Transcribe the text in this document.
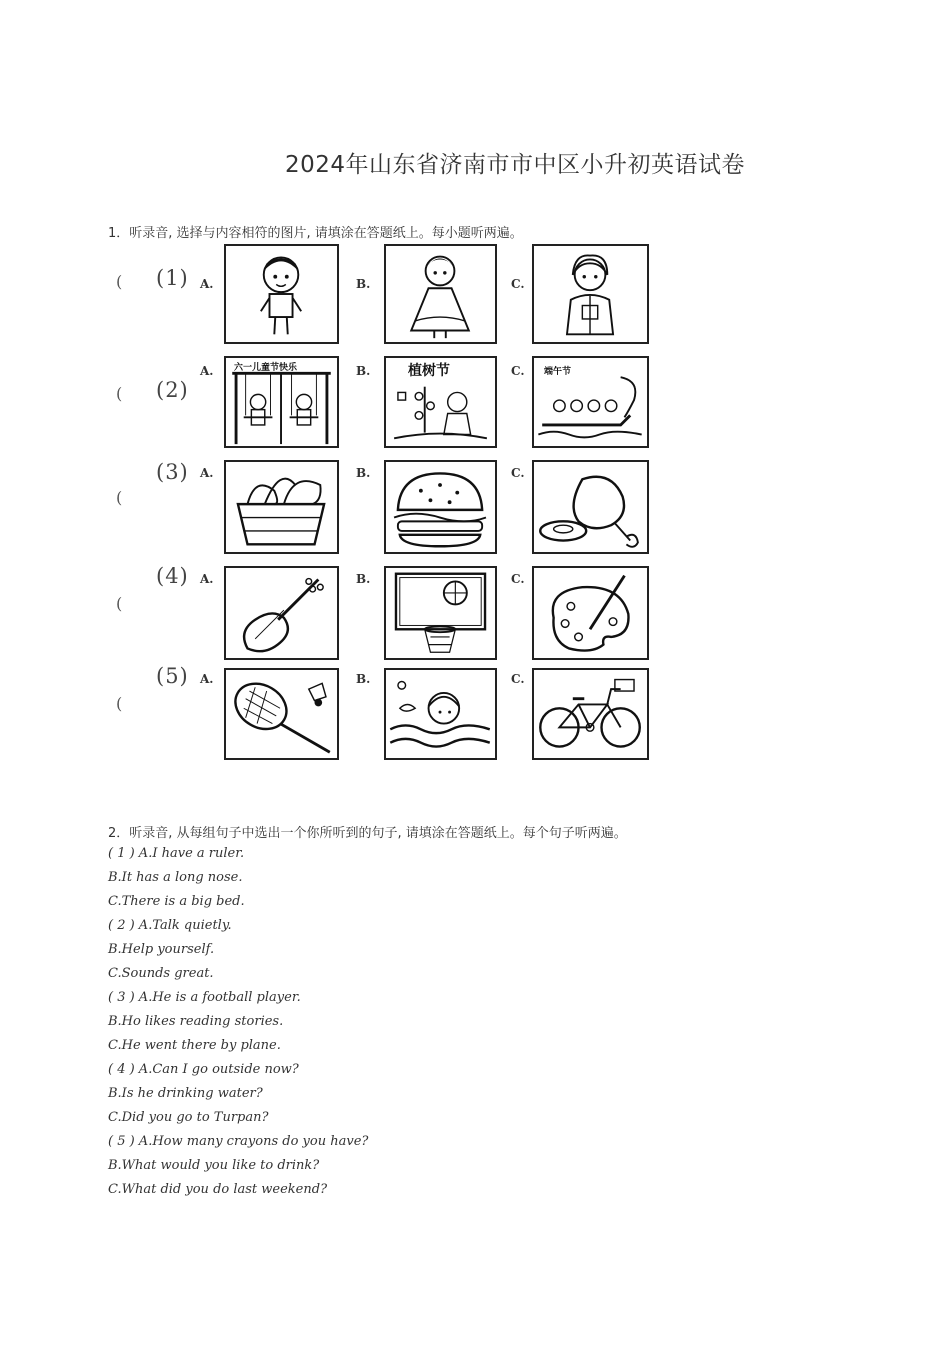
2024年山东省济南市市中区小升初英语试卷
1．听录音, 选择与内容相符的图片, 请填涂在答题纸上。每小题听两遍。
( (1) A.	B.	C.
( (2)
A.	B.	C.
六一儿童节快乐	植树节	端午节
(
(3) A.	B.	C.
(
(4) A.	B.	C.
(
(5) A.	B.	C.
2．听录音, 从每组句子中选出一个你所听到的句子, 请填涂在答题纸上。每个句子听两遍。
( 1 ) A.I have a ruler.
B.It has a long nose.
C.There is a big bed.
( 2 ) A.Talk quietly.
B.Help yourself.
C.Sounds great.
( 3 ) A.He is a football player.
B.Ho likes reading stories.
C.He went there by plane.
( 4 ) A.Can I go outside now?
B.Is he drinking water?
C.Did you go to Turpan?
( 5 ) A.How many crayons do you have?
B.What would you like to drink?
C.What did you do last weekend?
